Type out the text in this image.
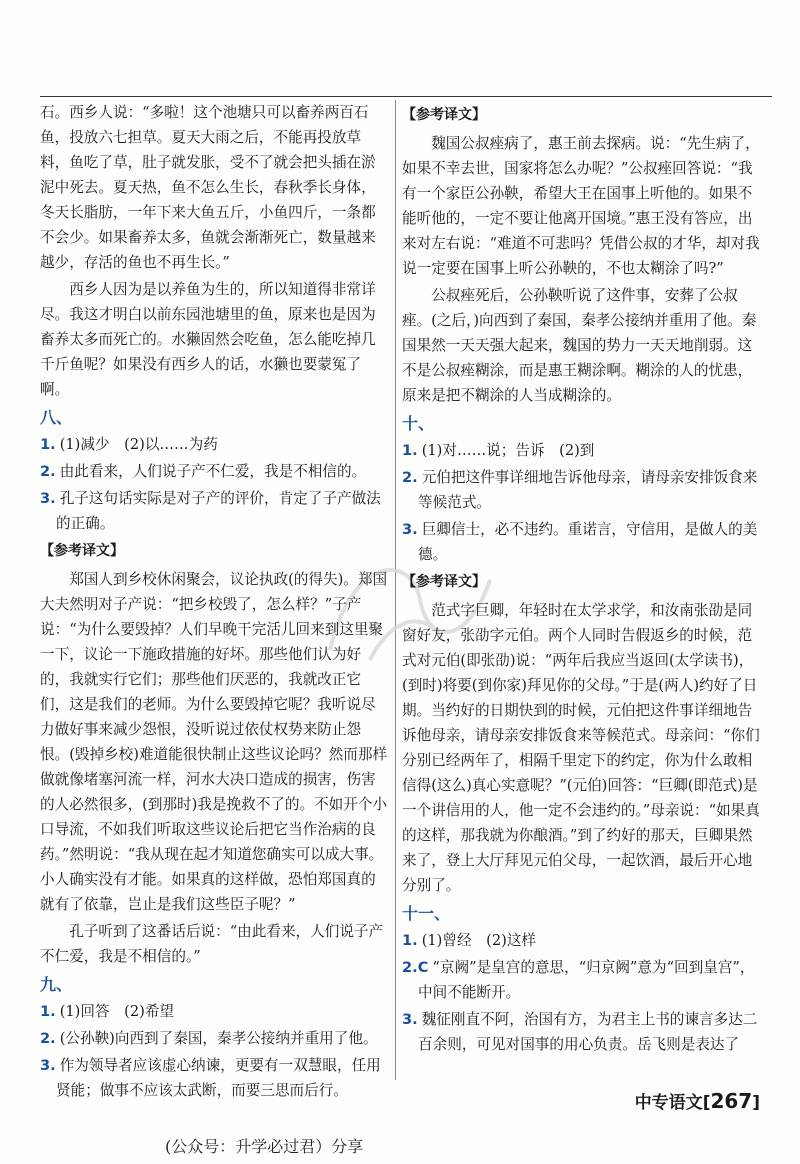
石。西乡人说：“多啦！这个池塘只可以畜养两百石鱼，投放六七担草。夏天大雨之后，不能再投放草料，鱼吃了草，肚子就发胀，受不了就会把头插在淤泥中死去。夏天热，鱼不怎么生长，春秋季长身体，冬天长脂肪，一年下来大鱼五斤，小鱼四斤，一条都不会少。如果畜养太多，鱼就会渐渐死亡，数量越来越少，存活的鱼也不再生长。”

西乡人因为是以养鱼为生的，所以知道得非常详尽。我这才明白以前东园池塘里的鱼，原来也是因为畜养太多而死亡的。水獭固然会吃鱼，怎么能吃掉几千斤鱼呢？如果没有西乡人的话，水獭也要蒙冤了啊。

八、

1. (1)减少　(2)以……为药

2. 由此看来，人们说子产不仁爱，我是不相信的。

3. 孔子这句话实际是对子产的评价，肯定了子产做法的正确。

【参考译文】

郑国人到乡校休闲聚会，议论执政(的得失)。郑国大夫然明对子产说：“把乡校毁了，怎么样？”子产说：“为什么要毁掉？人们早晚干完活儿回来到这里聚一下，议论一下施政措施的好坏。那些他们认为好的，我就实行它们；那些他们厌恶的，我就改正它们，这是我们的老师。为什么要毁掉它呢？我听说尽力做好事来减少怨恨，没听说过依仗权势来防止怨恨。(毁掉乡校)难道能很快制止这些议论吗？然而那样做就像堵塞河流一样，河水大决口造成的损害，伤害的人必然很多，(到那时)我是挽救不了的。不如开个小口导流，不如我们听取这些议论后把它当作治病的良药。”然明说：“我从现在起才知道您确实可以成大事。小人确实没有才能。如果真的这样做，恐怕郑国真的就有了依靠，岂止是我们这些臣子呢？”

孔子听到了这番话后说：“由此看来，人们说子产不仁爱，我是不相信的。”

九、

1. (1)回答　(2)希望

2. (公孙鞅)向西到了秦国，秦孝公接纳并重用了他。

3. 作为领导者应该虚心纳谏，更要有一双慧眼，任用贤能；做事不应该太武断，而要三思而后行。

【参考译文】

魏国公叔痤病了，惠王前去探病。说：“先生病了，如果不幸去世，国家将怎么办呢？”公叔痤回答说：“我有一个家臣公孙鞅，希望大王在国事上听他的。如果不能听他的，一定不要让他离开国境。”惠王没有答应，出来对左右说：“难道不可悲吗？凭借公叔的才华，却对我说一定要在国事上听公孙鞅的，不也太糊涂了吗?”

公叔痤死后，公孙鞅听说了这件事，安葬了公叔痤。(之后，)向西到了秦国，秦孝公接纳并重用了他。秦国果然一天天强大起来，魏国的势力一天天地削弱。这不是公叔痤糊涂，而是惠王糊涂啊。糊涂的人的忧患，原来是把不糊涂的人当成糊涂的。

十、

1. (1)对……说；告诉　(2)到

2. 元伯把这件事详细地告诉他母亲，请母亲安排饭食来等候范式。

3. 巨卿信士，必不违约。重诺言，守信用，是做人的美德。

【参考译文】

范式字巨卿，年轻时在太学求学，和汝南张劭是同窗好友，张劭字元伯。两个人同时告假返乡的时候，范式对元伯(即张劭)说：“两年后我应当返回(太学读书)，(到时)将要(到你家)拜见你的父母。”于是(两人)约好了日期。当约好的日期快到的时候，元伯把这件事详细地告诉他母亲，请母亲安排饭食来等候范式。母亲问：“你们分别已经两年了，相隔千里定下的约定，你为什么敢相信得(这么)真心实意呢？”(元伯)回答：“巨卿(即范式)是一个讲信用的人，他一定不会违约的。”母亲说：“如果真的这样，那我就为你酿酒。”到了约好的那天，巨卿果然来了，登上大厅拜见元伯父母，一起饮酒，最后开心地分别了。

十一、

1. (1)曾经　(2)这样

2.C “京阙”是皇宫的意思，“归京阙”意为“回到皇宫”，中间不能断开。

3. 魏征刚直不阿，治国有方，为君主上书的谏言多达二百余则，可见对国事的用心负责。岳飞则是表达了

中专语文[267]
(公众号：升学必过君）分享
